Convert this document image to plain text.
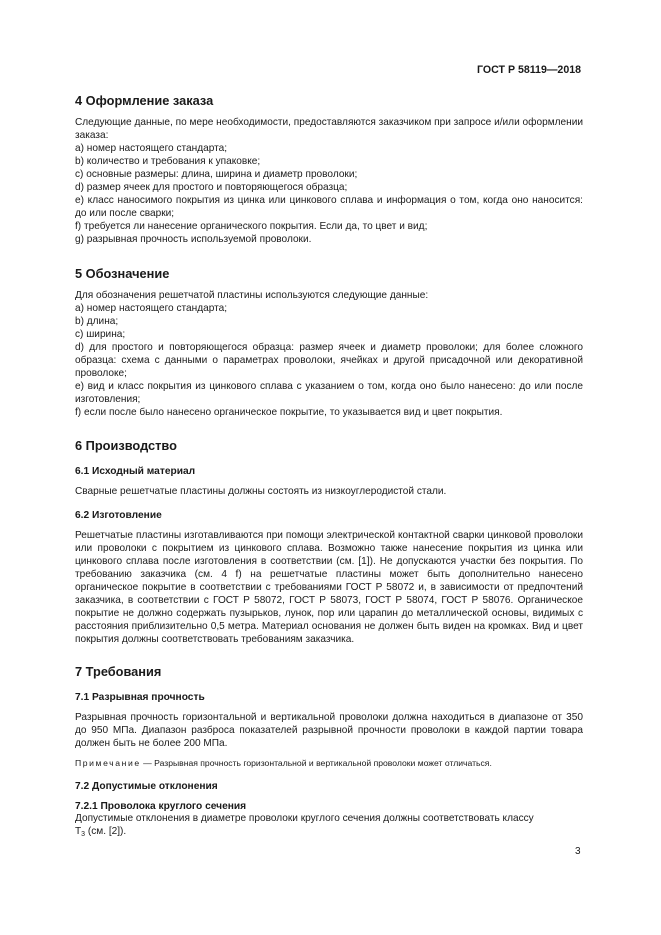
ГОСТ Р 58119—2018
4 Оформление заказа

Следующие данные, по мере необходимости, предоставляются заказчиком при запросе и/или оформлении заказа:

a) номер настоящего стандарта;

b) количество и требования к упаковке;

c) основные размеры: длина, ширина и диаметр проволоки;

d) размер ячеек для простого и повторяющегося образца;

e) класс наносимого покрытия из цинка или цинкового сплава и информация о том, когда оно наносится: до или после сварки;

f) требуется ли нанесение органического покрытия. Если да, то цвет и вид;

g) разрывная прочность используемой проволоки.

5 Обозначение

Для обозначения решетчатой пластины используются следующие данные:

a) номер настоящего стандарта;

b) длина;

c) ширина;

d) для простого и повторяющегося образца: размер ячеек и диаметр проволоки; для более сложного образца: схема с данными о параметрах проволоки, ячейках и другой присадочной или декоративной проволоке;

e) вид и класс покрытия из цинкового сплава с указанием о том, когда оно было нанесено: до или после изготовления;

f) если после было нанесено органическое покрытие, то указывается вид и цвет покрытия.

6 Производство
6.1 Исходный материал

Сварные решетчатые пластины должны состоять из низкоуглеродистой стали.

6.2 Изготовление

Решетчатые пластины изготавливаются при помощи электрической контактной сварки цинковой проволоки или проволоки с покрытием из цинкового сплава. Возможно также нанесение покрытия из цинка или цинкового сплава после изготовления в соответствии (см. [1]). Не допускаются участки без покрытия. По требованию заказчика (см. 4 f) на решетчатые пластины может быть дополнительно нанесено органическое покрытие в соответствии с требованиями ГОСТ Р 58072 и, в зависимости от предпочтений заказчика, в соответствии с ГОСТ Р 58072, ГОСТ Р 58073, ГОСТ Р 58074, ГОСТ Р 58076. Органическое покрытие не должно содержать пузырьков, лунок, пор или царапин до металлической основы, видимых с расстояния приблизительно 0,5 метра. Материал основания не должен быть виден на кромках. Вид и цвет покрытия должны соответствовать требованиям заказчика.

7 Требования
7.1 Разрывная прочность

Разрывная прочность горизонтальной и вертикальной проволоки должна находиться в диапазоне от 350 до 950 МПа. Диапазон разброса показателей разрывной прочности проволоки в каждой партии товара должен быть не более 200 МПа.

Примечание — Разрывная прочность горизонтальной и вертикальной проволоки может отличаться.
7.2 Допустимые отклонения
7.2.1 Проволока круглого сечения

Допустимые отклонения в диаметре проволоки круглого сечения должны соответствовать классу
$Т_3$ (см. [2]).

3
